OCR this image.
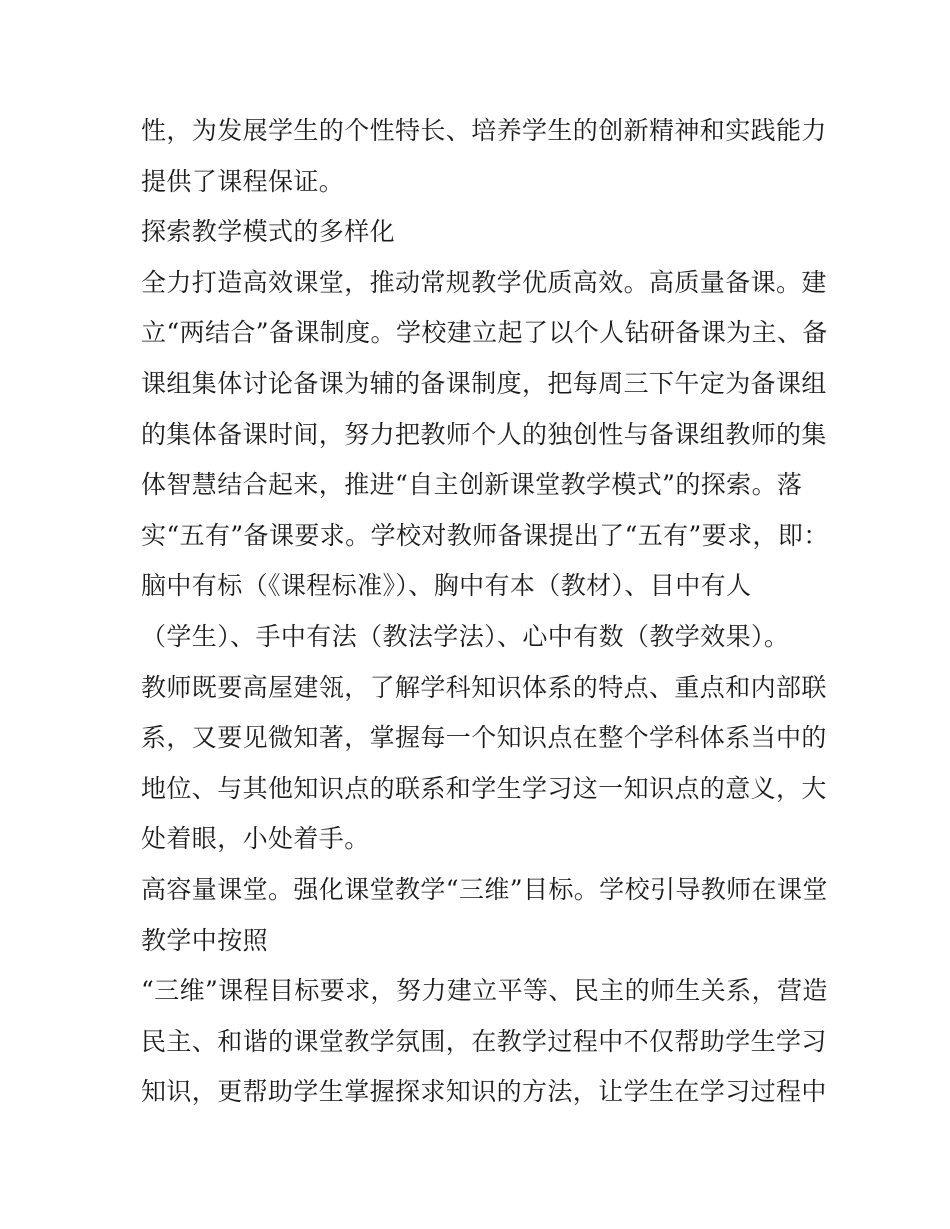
性，为发展学生的个性特长、培养学生的创新精神和实践能力
提供了课程保证。
探索教学模式的多样化
全力打造高效课堂，推动常规教学优质高效。高质量备课。建
立“两结合”备课制度。学校建立起了以个人钻研备课为主、备
课组集体讨论备课为辅的备课制度，把每周三下午定为备课组
的集体备课时间，努力把教师个人的独创性与备课组教师的集
体智慧结合起来，推进“自主创新课堂教学模式”的探索。落
实“五有”备课要求。学校对教师备课提出了“五有”要求，即：
脑中有标（《课程标准》）、胸中有本（教材）、目中有人
（学生）、手中有法（教法学法）、心中有数（教学效果）。
教师既要高屋建瓴，了解学科知识体系的特点、重点和内部联
系，又要见微知著，掌握每一个知识点在整个学科体系当中的
地位、与其他知识点的联系和学生学习这一知识点的意义，大
处着眼，小处着手。
高容量课堂。强化课堂教学“三维”目标。学校引导教师在课堂
教学中按照
“三维”课程目标要求，努力建立平等、民主的师生关系，营造
民主、和谐的课堂教学氛围，在教学过程中不仅帮助学生学习
知识，更帮助学生掌握探求知识的方法，让学生在学习过程中
